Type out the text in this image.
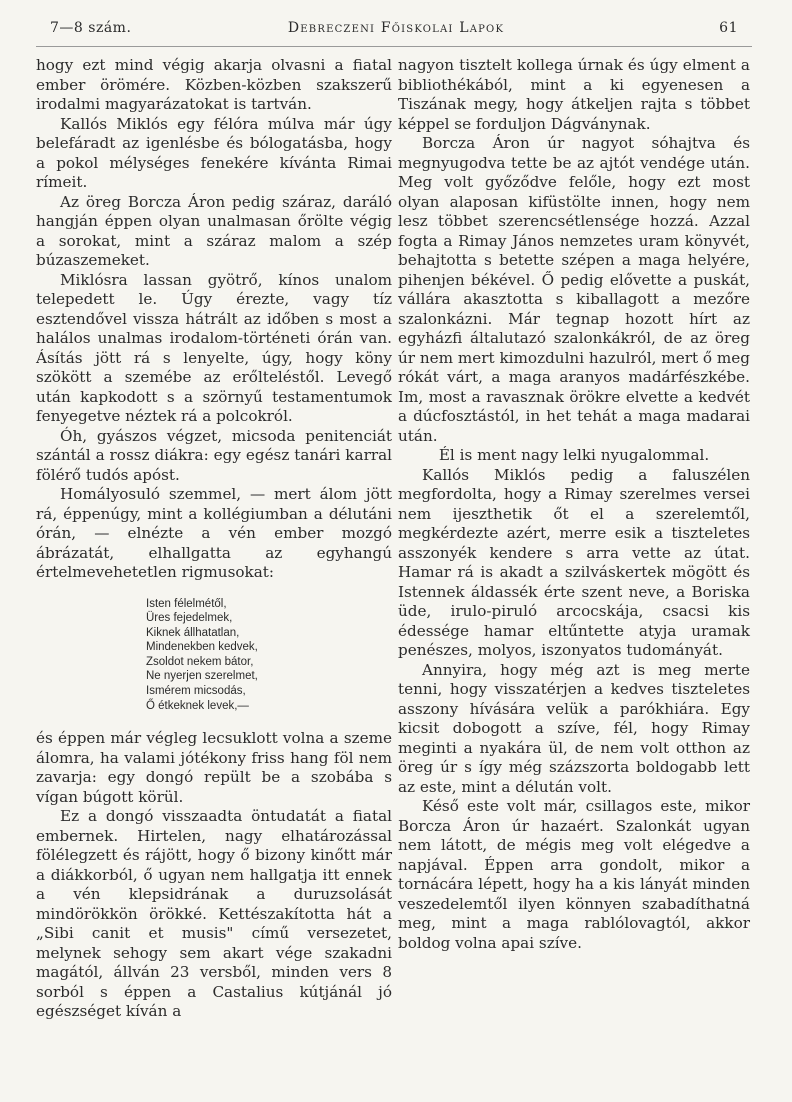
7—8 szám.	Debreczeni Főiskolai Lapok	61

hogy ezt mind végig akarja olvasni a fiatal ember örömére. Közben-közben szakszerű irodalmi magyarázatokat is tartván.

Kallós Miklós egy félóra múlva már úgy belefáradt az igenlésbe és bólogatásba, hogy a pokol mélységes fenekére kívánta Rimai rímeit.

Az öreg Borcza Áron pedig száraz, daráló hangján éppen olyan unalmasan őrölte végig a sorokat, mint a száraz malom a szép búzaszemeket.

Miklósra lassan gyötrő, kínos unalom telepedett le. Úgy érezte, vagy tíz esztendővel vissza hátrált az időben s most a halálos unalmas irodalom-történeti órán van. Ásítás jött rá s lenyelte, úgy, hogy köny szökött a szemébe az erőlteléstől. Levegő után kapkodott s a szörnyű testamentumok fenyegetve néztek rá a polcokról.

Óh, gyászos végzet, micsoda penitenciát szántál a rossz diákra: egy egész tanári karral fölérő tudós apóst.

Homályosuló szemmel, — mert álom jött rá, éppenúgy, mint a kollégiumban a délutáni órán, — elnézte a vén ember mozgó ábrázatát, elhallgatta az egyhangú értelmevehetetlen rigmusokat:

Isten félelmétől,
Üres fejedelmek,
Kiknek állhatatlan,
Mindenekben kedvek,
Zsoldot nekem bátor,
Ne nyerjen szerelmet,
Ismérem micsodás,
Ő étkeknek levek,—

és éppen már végleg lecsuklott volna a szeme álomra, ha valami jótékony friss hang föl nem zavarja: egy dongó repült be a szobába s vígan búgott körül.

Ez a dongó visszaadta öntudatát a fiatal embernek. Hirtelen, nagy elhatározással fölélegzett és rájött, hogy ő bizony kinőtt már a diákkorból, ő ugyan nem hallgatja itt ennek a vén klepsidrának a duruzsolását mindörökkön örökké. Kettészakította hát a „Sibi canit et musis" című versezetet, melynek sehogy sem akart vége szakadni magától, állván 23 versből, minden vers 8 sorból s éppen a Castalius kútjánál jó egészséget kíván a

nagyon tisztelt kollega úrnak és úgy elment a bibliothékából, mint a ki egyenesen a Tiszának megy, hogy átkeljen rajta s többet képpel se forduljon Dágványnak.

Borcza Áron úr nagyot sóhajtva és megnyugodva tette be az ajtót vendége után. Meg volt győződve felőle, hogy ezt most olyan alaposan kifüstölte innen, hogy nem lesz többet szerencsétlensége hozzá. Azzal fogta a Rimay János nemzetes uram könyvét, behajtotta s betette szépen a maga helyére, pihenjen békével. Ő pedig elővette a puskát, vállára akasztotta s kiballagott a mezőre szalonkázni. Már tegnap hozott hírt az egyházfi általutazó szalonkákról, de az öreg úr nem mert kimozdulni hazulról, mert ő meg rókát várt, a maga aranyos madárfészkébe. Im, most a ravasznak örökre elvette a kedvét a dúcfosztástól, in het tehát a maga madarai után.

Él is ment nagy lelki nyugalommal.

Kallós Miklós pedig a faluszélen megfordolta, hogy a Rimay szerelmes versei nem ijeszthetik őt el a szerelemtől, megkérdezte azért, merre esik a tiszteletes asszonyék kendere s arra vette az útat. Hamar rá is akadt a szilváskertek mögött és Istennek áldassék érte szent neve, a Boriska üde, irulo-piruló arcocskája, csacsi kis édessége hamar eltűntette atyja uramak penészes, molyos, iszonyatos tudományát.

Annyira, hogy még azt is meg merte tenni, hogy visszatérjen a kedves tiszteletes asszony hívására velük a parókhiára. Egy kicsit dobogott a szíve, fél, hogy Rimay meginti a nyakára ül, de nem volt otthon az öreg úr s így még százszorta boldogabb lett az este, mint a délután volt.

Késő este volt már, csillagos este, mikor Borcza Áron úr hazaért. Szalonkát ugyan nem látott, de mégis meg volt elégedve a napjával. Éppen arra gondolt, mikor a tornácára lépett, hogy ha a kis lányát minden veszedelemtől ilyen könnyen szabadíthatná meg, mint a maga rablólovagtól, akkor boldog volna apai szíve.
